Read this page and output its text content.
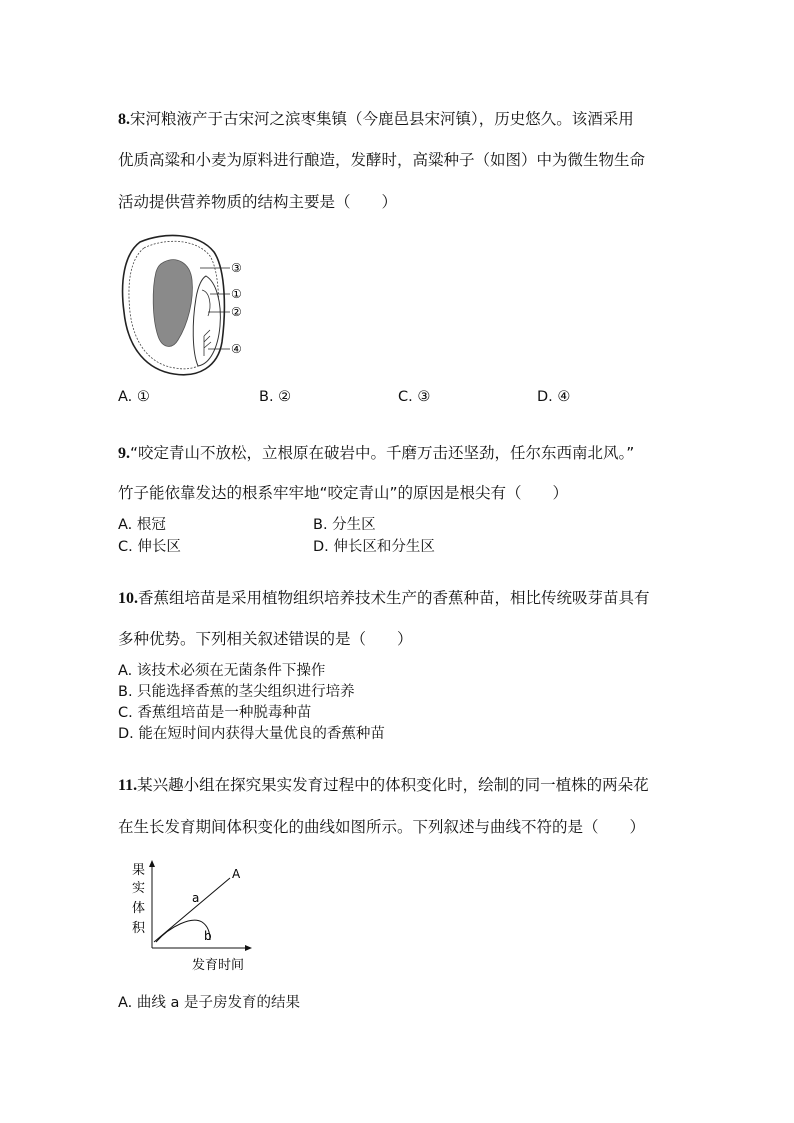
8.宋河粮液产于古宋河之滨枣集镇（今鹿邑县宋河镇），历史悠久。该酒采用
优质高粱和小麦为原料进行酿造，发酵时，高粱种子（如图）中为微生物生命
活动提供营养物质的结构主要是（　　）
③
①
②
④
A. ①	B. ②	C. ③	D. ④
9.“咬定青山不放松，立根原在破岩中。千磨万击还坚劲，任尔东西南北风。”
竹子能依靠发达的根系牢牢地“咬定青山”的原因是根尖有（　　）
A. 根冠	B. 分生区
C. 伸长区	D. 伸长区和分生区
10.香蕉组培苗是采用植物组织培养技术生产的香蕉种苗，相比传统吸芽苗具有
多种优势。下列相关叙述错误的是（　　）
A. 该技术必须在无菌条件下操作
B. 只能选择香蕉的茎尖组织进行培养
C. 香蕉组培苗是一种脱毒种苗
D. 能在短时间内获得大量优良的香蕉种苗
11.某兴趣小组在探究果实发育过程中的体积变化时，绘制的同一植株的两朵花
在生长发育期间体积变化的曲线如图所示。下列叙述与曲线不符的是（　　）
果
实
体
积
a
A
b
发育时间
A. 曲线 a 是子房发育的结果
